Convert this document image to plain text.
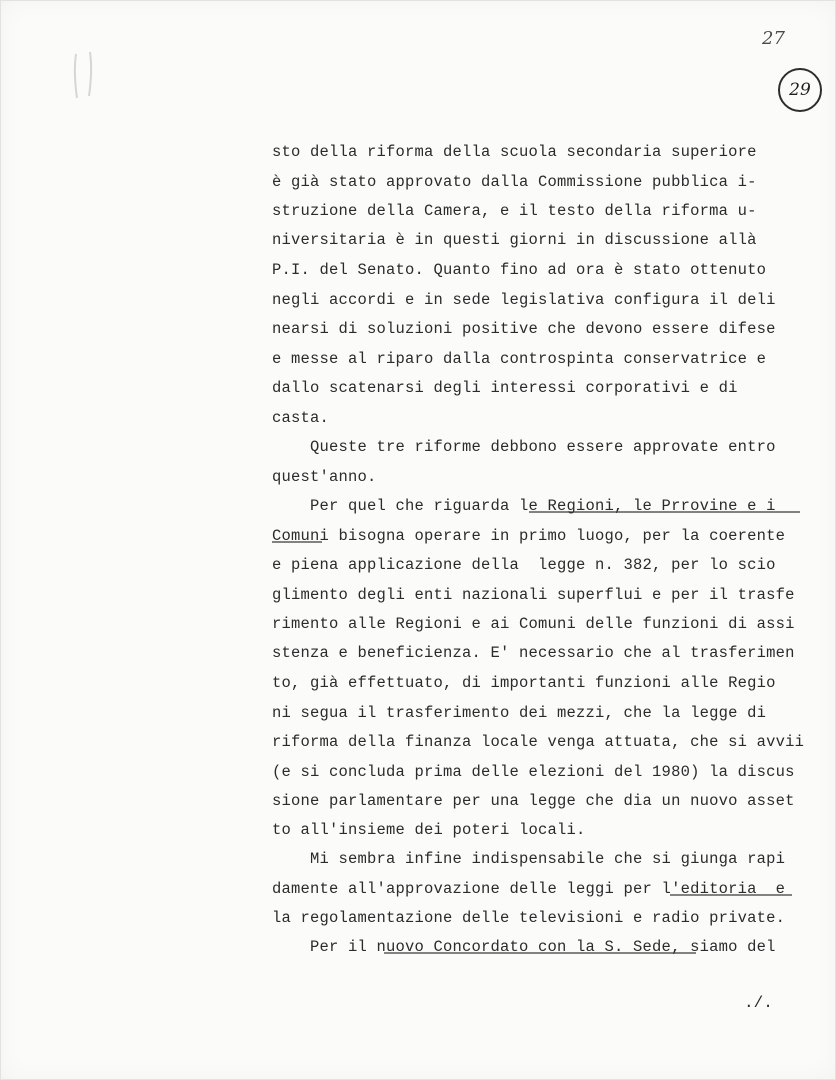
27
29
sto della riforma della scuola secondaria superiore
è già stato approvato dalla Commissione pubblica i-
struzione della Camera, e il testo della riforma u-
niversitaria è in questi giorni in discussione allà
P.I. del Senato. Quanto fino ad ora è stato ottenuto
negli accordi e in sede legislativa configura il deli
nearsi di soluzioni positive che devono essere difese
e messe al riparo dalla controspinta conservatrice e
dallo scatenarsi degli interessi corporativi e di
casta.
Queste tre riforme debbono essere approvate entro
quest'anno.
Per quel che riguarda le Regioni, le Prrovine e i
Comuni bisogna operare in primo luogo, per la coerente
e piena applicazione della  legge n. 382, per lo scio
glimento degli enti nazionali superflui e per il trasfe
rimento alle Regioni e ai Comuni delle funzioni di assi
stenza e beneficienza. E' necessario che al trasferimen
to, già effettuato, di importanti funzioni alle Regio
ni segua il trasferimento dei mezzi, che la legge di
riforma della finanza locale venga attuata, che si avvii
(e si concluda prima delle elezioni del 1980) la discus
sione parlamentare per una legge che dia un nuovo asset
to all'insieme dei poteri locali.
Mi sembra infine indispensabile che si giunga rapi
damente all'approvazione delle leggi per l'editoria  e
la regolamentazione delle televisioni e radio private.
Per il nuovo Concordato con la S. Sede, siamo del
./.
